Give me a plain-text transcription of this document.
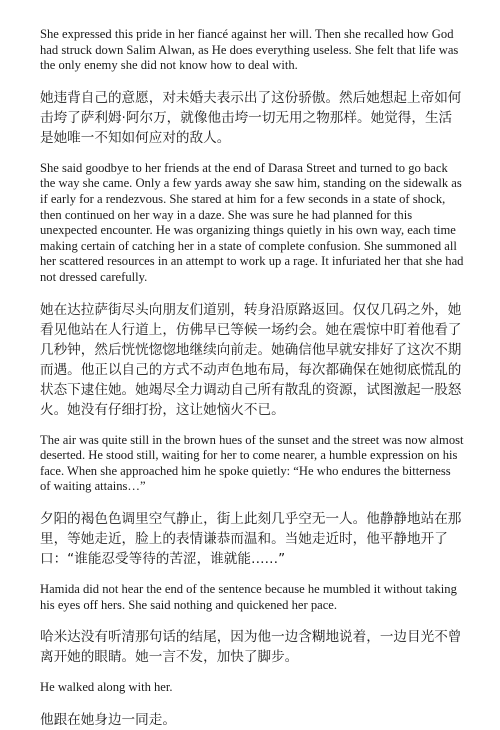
She expressed this pride in her fiancé against her will. Then she recalled how God had struck down Salim Alwan, as He does everything useless. She felt that life was the only enemy she did not know how to deal with.

她违背自己的意愿，对未婚夫表示出了这份骄傲。然后她想起上帝如何击垮了萨利姆·阿尔万，就像他击垮一切无用之物那样。她觉得，生活是她唯一不知如何应对的敌人。

She said goodbye to her friends at the end of Darasa Street and turned to go back the way she came. Only a few yards away she saw him, standing on the sidewalk as if early for a rendezvous. She stared at him for a few seconds in a state of shock, then continued on her way in a daze. She was sure he had planned for this unexpected encounter. He was organizing things quietly in his own way, each time making certain of catching her in a state of complete confusion. She summoned all her scattered resources in an attempt to work up a rage. It infuriated her that she had not dressed carefully.

她在达拉萨街尽头向朋友们道别，转身沿原路返回。仅仅几码之外，她看见他站在人行道上，仿佛早已等候一场约会。她在震惊中盯着他看了几秒钟，然后恍恍惚惚地继续向前走。她确信他早就安排好了这次不期而遇。他正以自己的方式不动声色地布局，每次都确保在她彻底慌乱的状态下逮住她。她竭尽全力调动自己所有散乱的资源，试图激起一股怒火。她没有仔细打扮，这让她恼火不已。

The air was quite still in the brown hues of the sunset and the street was now almost deserted. He stood still, waiting for her to come nearer, a humble expression on his face. When she approached him he spoke quietly: “He who endures the bitterness of waiting attains…”

夕阳的褐色色调里空气静止，街上此刻几乎空无一人。他静静地站在那里，等她走近，脸上的表情谦恭而温和。当她走近时，他平静地开了口：“谁能忍受等待的苦涩，谁就能……”

Hamida did not hear the end of the sentence because he mumbled it without taking his eyes off hers. She said nothing and quickened her pace.

哈米达没有听清那句话的结尾，因为他一边含糊地说着，一边目光不曾离开她的眼睛。她一言不发，加快了脚步。

He walked along with her.

他跟在她身边一同走。
